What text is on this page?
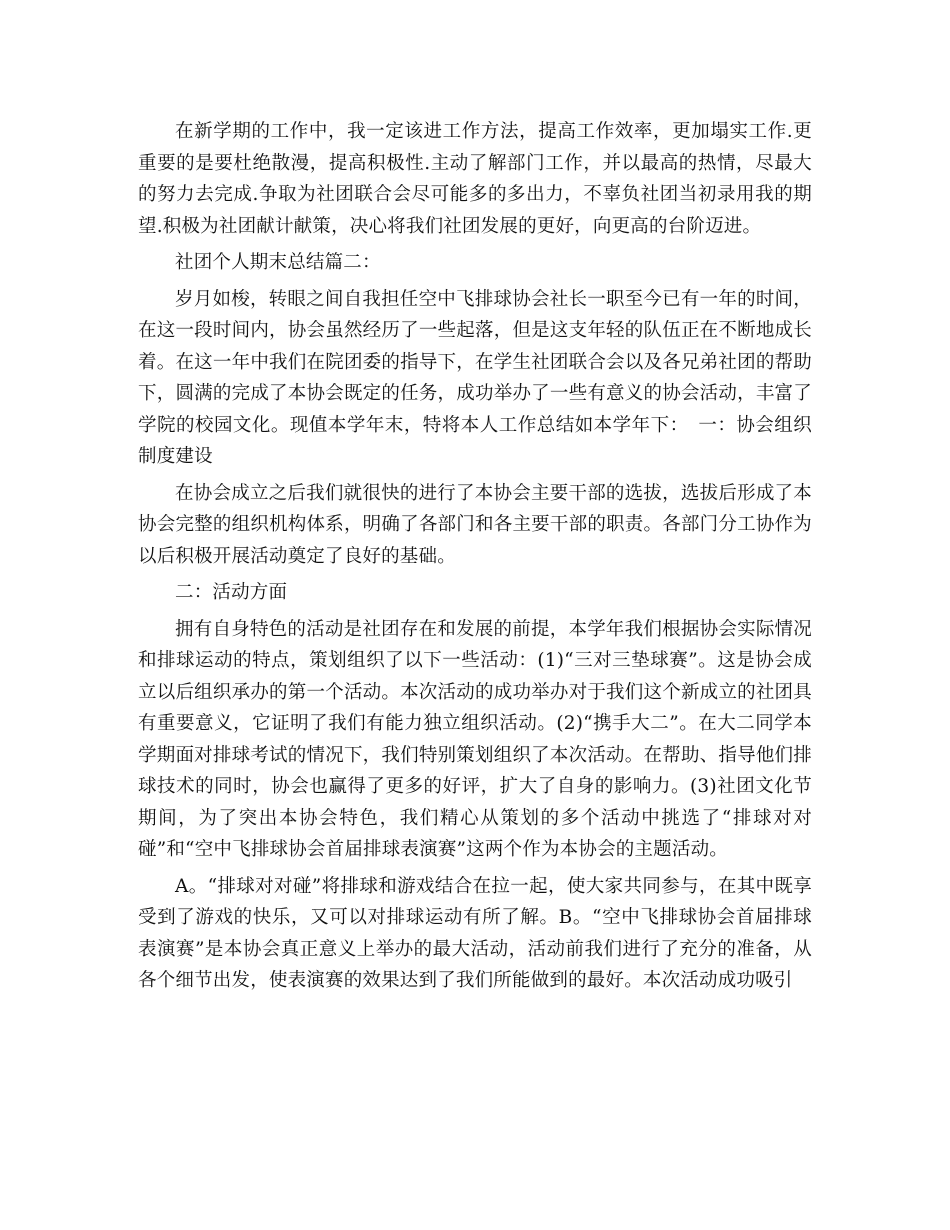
在新学期的工作中，我一定该进工作方法，提高工作效率，更加塌实工作.更重要的是要杜绝散漫，提高积极性.主动了解部门工作，并以最高的热情，尽最大的努力去完成.争取为社团联合会尽可能多的多出力，不辜负社团当初录用我的期望.积极为社团献计献策，决心将我们社团发展的更好，向更高的台阶迈进。

社团个人期末总结篇二：

岁月如梭，转眼之间自我担任空中飞排球协会社长一职至今已有一年的时间，在这一段时间内，协会虽然经历了一些起落，但是这支年轻的队伍正在不断地成长着。在这一年中我们在院团委的指导下，在学生社团联合会以及各兄弟社团的帮助下，圆满的完成了本协会既定的任务，成功举办了一些有意义的协会活动，丰富了学院的校园文化。现值本学年末，特将本人工作总结如本学年下：　一：协会组织制度建设

在协会成立之后我们就很快的进行了本协会主要干部的选拔，选拔后形成了本协会完整的组织机构体系，明确了各部门和各主要干部的职责。各部门分工协作为以后积极开展活动奠定了良好的基础。

二：活动方面

拥有自身特色的活动是社团存在和发展的前提，本学年我们根据协会实际情况和排球运动的特点，策划组织了以下一些活动：(1)“三对三垫球赛”。这是协会成立以后组织承办的第一个活动。本次活动的成功举办对于我们这个新成立的社团具有重要意义，它证明了我们有能力独立组织活动。(2)“携手大二”。在大二同学本学期面对排球考试的情况下，我们特别策划组织了本次活动。在帮助、指导他们排球技术的同时，协会也赢得了更多的好评，扩大了自身的影响力。(3)社团文化节期间，为了突出本协会特色，我们精心从策划的多个活动中挑选了“排球对对碰”和“空中飞排球协会首届排球表演赛”这两个作为本协会的主题活动。

A。“排球对对碰”将排球和游戏结合在拉一起，使大家共同参与，在其中既享受到了游戏的快乐，又可以对排球运动有所了解。B。“空中飞排球协会首届排球表演赛”是本协会真正意义上举办的最大活动，活动前我们进行了充分的准备，从各个细节出发，使表演赛的效果达到了我们所能做到的最好。本次活动成功吸引
